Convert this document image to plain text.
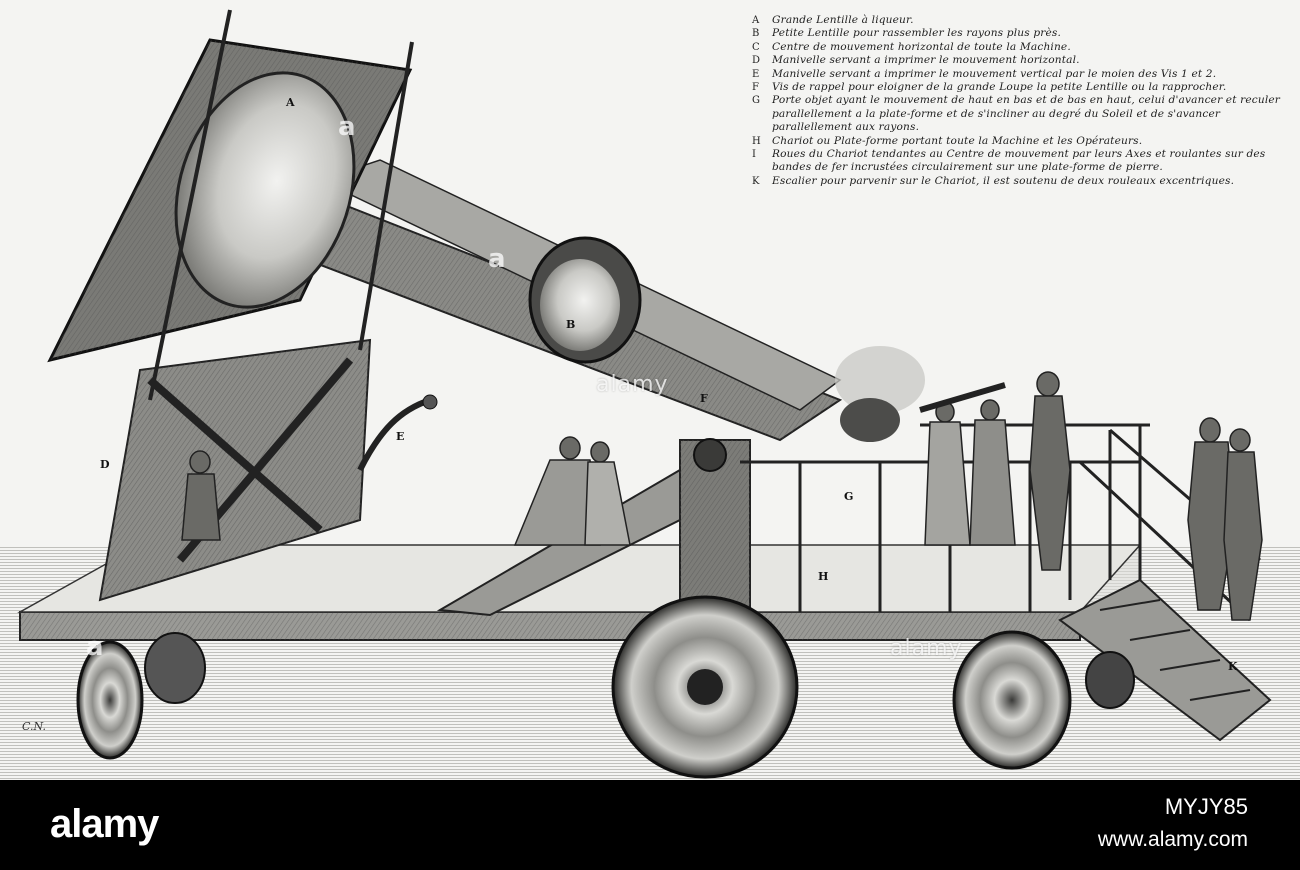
A
B
D
E
F
G
H
K
A	Grande Lentille à liqueur.
B	Petite Lentille pour rassembler les rayons plus près.
C	Centre de mouvement horizontal de toute la Machine.
D	Manivelle servant a imprimer le mouvement horizontal.
E	Manivelle servant a imprimer le mouvement vertical par le moien des Vis 1 et 2.
F	Vis de rappel pour eloigner de la grande Loupe la petite Lentille ou la rapprocher.
G	Porte objet ayant le mouvement de haut en bas et de bas en haut, celui d'avancer et reculer parallellement a la plate-forme et de s'incliner au degré du Soleil et de s'avancer parallellement aux rayons.
H	Chariot ou Plate-forme portant toute la Machine et les Opérateurs.
I	Roues du Chariot tendantes au Centre de mouvement par leurs Axes et roulantes sur des bandes de fer incrustées circulairement sur une plate-forme de pierre.
K	Escalier pour parvenir sur le Chariot, il est soutenu de deux rouleaux excentriques.
a
a
a
alamy
alamy
C.N.
alamy	MYJY85
www.alamy.com
